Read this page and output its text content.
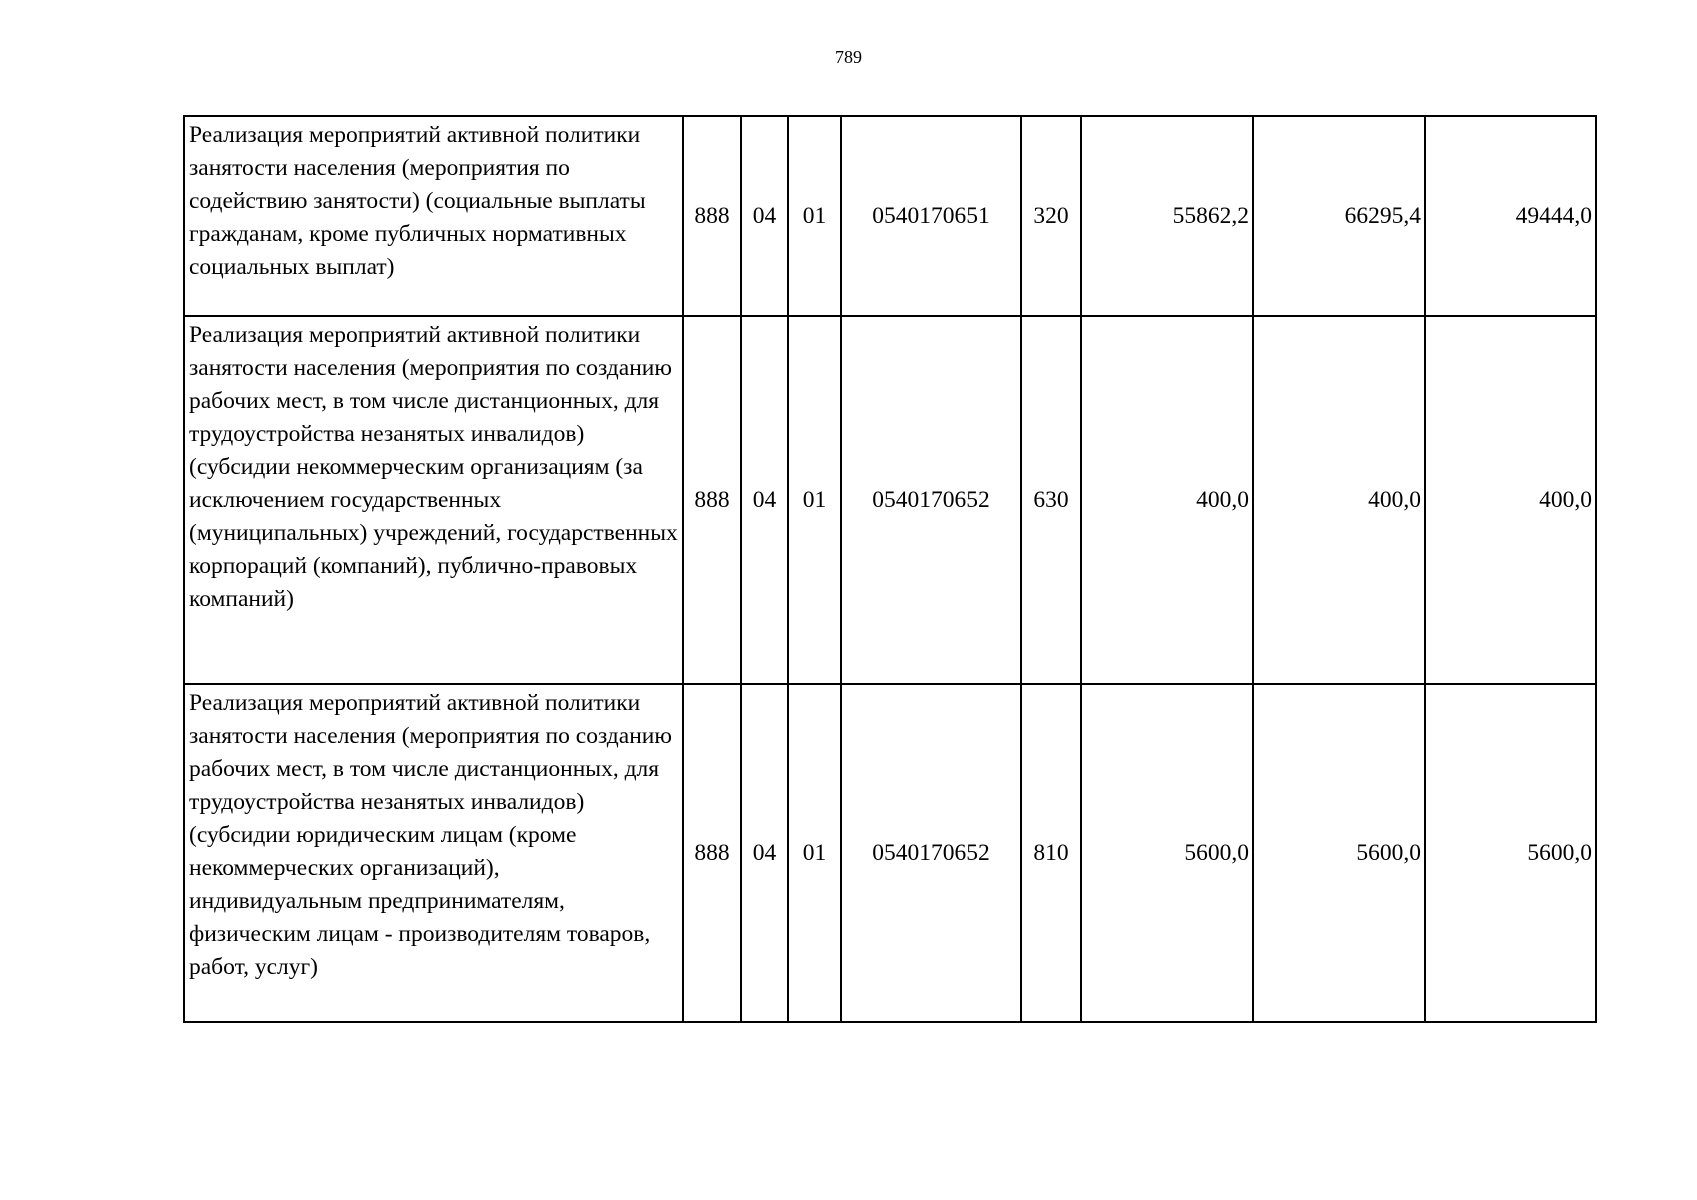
789
Реализация мероприятий активной политики занятости населения (мероприятия по содействию занятости) (социальные выплаты гражданам, кроме публичных нормативных социальных выплат)	888	04	01	0540170651	320	55862,2	66295,4	49444,0
Реализация мероприятий активной политики занятости населения (мероприятия по созданию рабочих мест, в том числе дистанционных, для трудоустройства незанятых инвалидов) (субсидии некоммерческим организациям (за исключением государственных (муниципальных) учреждений, государственных корпораций (компаний), публично-правовых компаний)	888	04	01	0540170652	630	400,0	400,0	400,0
Реализация мероприятий активной политики занятости населения (мероприятия по созданию рабочих мест, в том числе дистанционных, для трудоустройства незанятых инвалидов) (субсидии юридическим лицам (кроме некоммерческих организаций), индивидуальным предпринимателям, физическим лицам - производителям товаров, работ, услуг)	888	04	01	0540170652	810	5600,0	5600,0	5600,0
